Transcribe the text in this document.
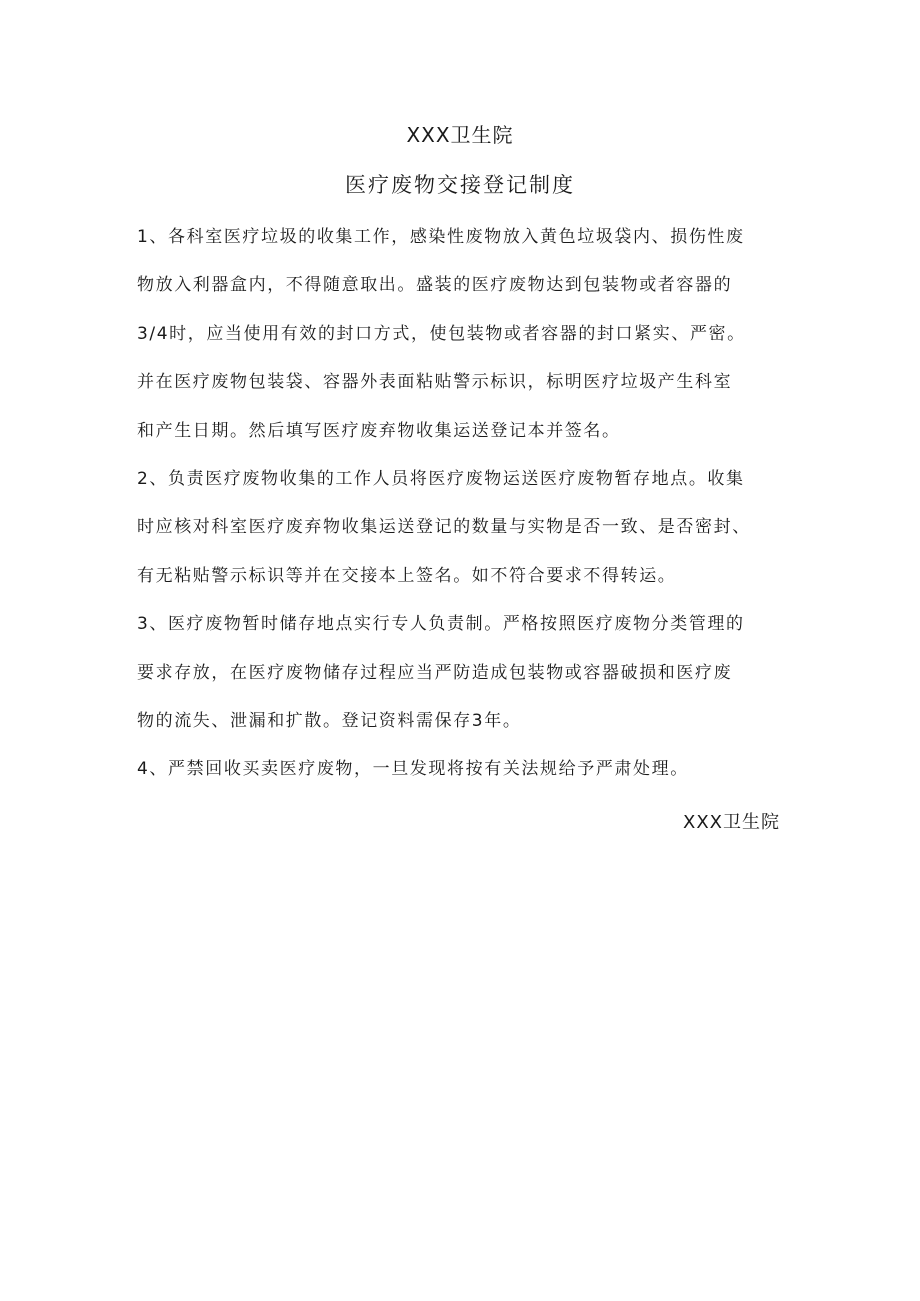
XXX卫生院
医疗废物交接登记制度

1、各科室医疗垃圾的收集工作，感染性废物放入黄色垃圾袋内、损伤性废
物放入利器盒内，不得随意取出。盛装的医疗废物达到包装物或者容器的
3/4时，应当使用有效的封口方式，使包装物或者容器的封口紧实、严密。
并在医疗废物包装袋、容器外表面粘贴警示标识，标明医疗垃圾产生科室
和产生日期。然后填写医疗废弃物收集运送登记本并签名。

2、负责医疗废物收集的工作人员将医疗废物运送医疗废物暂存地点。收集
时应核对科室医疗废弃物收集运送登记的数量与实物是否一致、是否密封、
有无粘贴警示标识等并在交接本上签名。如不符合要求不得转运。

3、医疗废物暂时储存地点实行专人负责制。严格按照医疗废物分类管理的
要求存放，在医疗废物储存过程应当严防造成包装物或容器破损和医疗废
物的流失、泄漏和扩散。登记资料需保存3年。

4、严禁回收买卖医疗废物，一旦发现将按有关法规给予严肃处理。

XXX卫生院
